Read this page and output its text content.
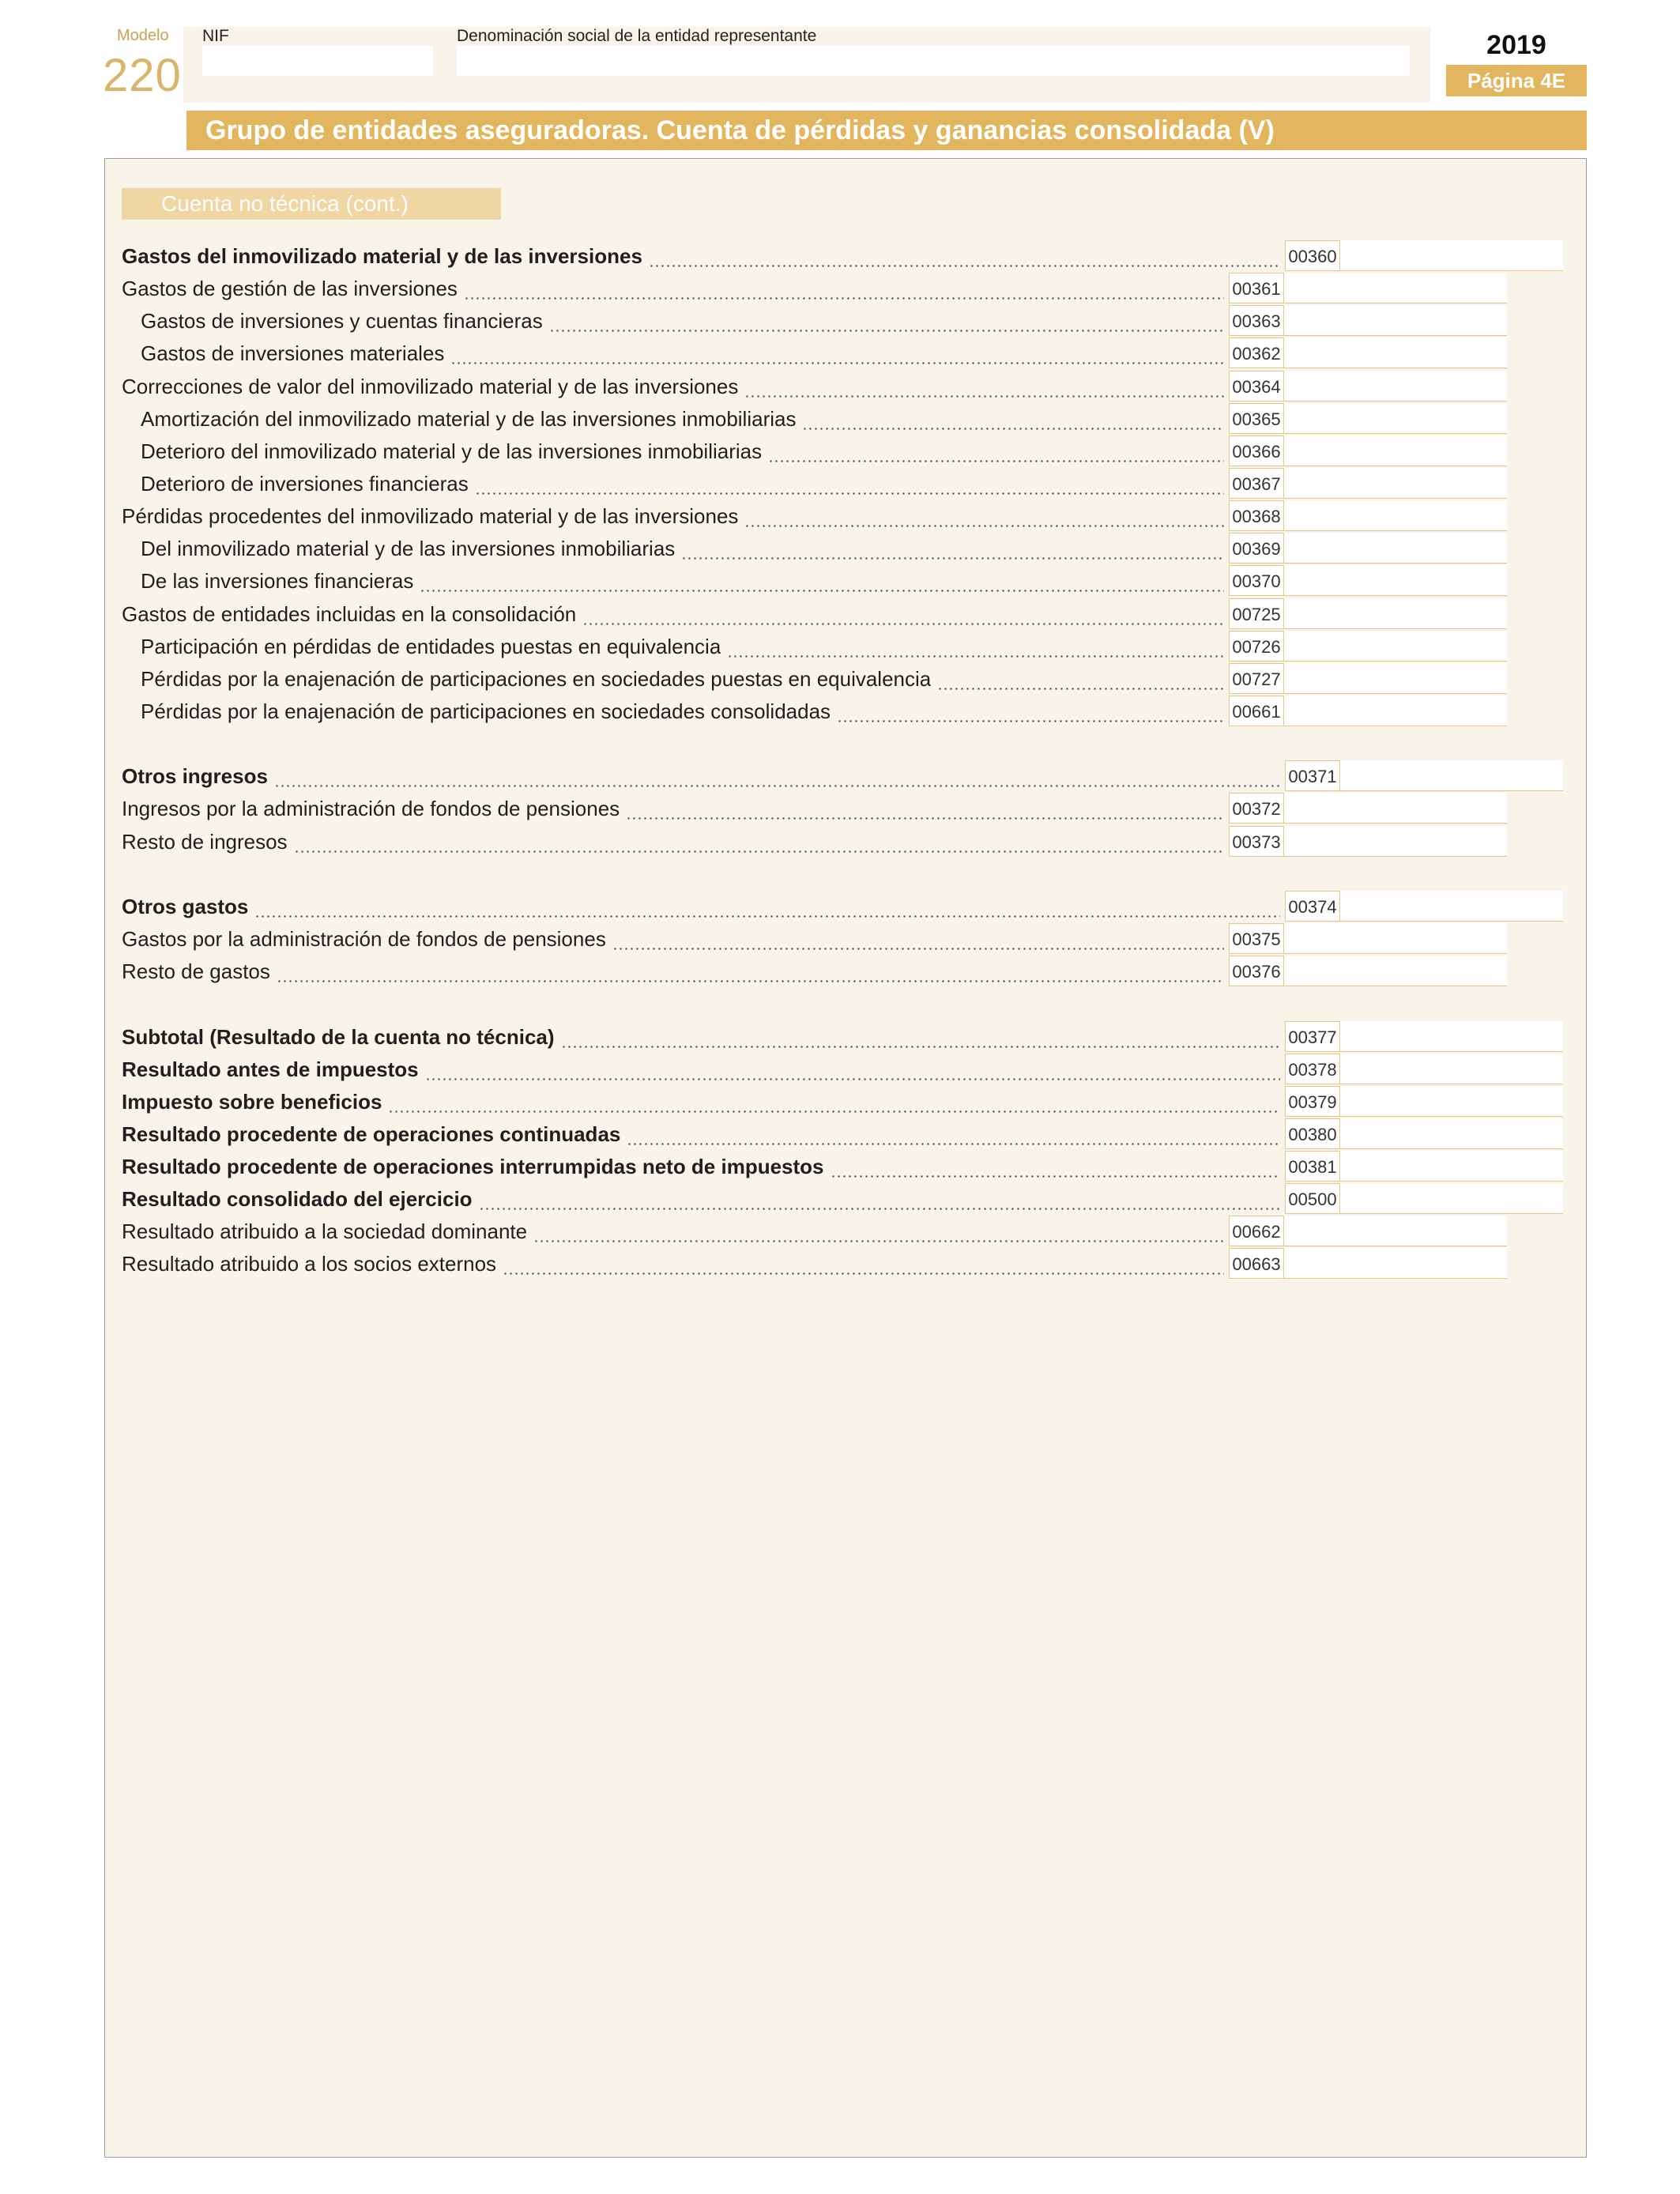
Modelo
220
NIF	Denominación social de la entidad representante	2019
Página 4E
Grupo de entidades aseguradoras. Cuenta de pérdidas y ganancias consolidada (V)
Cuenta no técnica (cont.)
Gastos del inmovilizado material y de las inversiones	00360
Gastos de gestión de las inversiones	00361
Gastos de inversiones y cuentas financieras	00363
Gastos de inversiones materiales	00362
Correcciones de valor del inmovilizado material y de las inversiones	00364
Amortización del inmovilizado material y de las inversiones inmobiliarias	00365
Deterioro del inmovilizado material y de las inversiones inmobiliarias	00366
Deterioro de inversiones financieras	00367
Pérdidas procedentes del inmovilizado material y de las inversiones	00368
Del inmovilizado material y de las inversiones inmobiliarias	00369
De las inversiones financieras	00370
Gastos de entidades incluidas en la consolidación	00725
Participación en pérdidas de entidades puestas en equivalencia	00726
Pérdidas por la enajenación de participaciones en sociedades puestas en equivalencia	00727
Pérdidas por la enajenación de participaciones en sociedades consolidadas	00661
Otros ingresos	00371
Ingresos por la administración de fondos de pensiones	00372
Resto de ingresos	00373
Otros gastos	00374
Gastos por la administración de fondos de pensiones	00375
Resto de gastos	00376
Subtotal (Resultado de la cuenta no técnica)	00377
Resultado antes de impuestos	00378
Impuesto sobre beneficios	00379
Resultado procedente de operaciones continuadas	00380
Resultado procedente de operaciones interrumpidas neto de impuestos	00381
Resultado consolidado del ejercicio	00500
Resultado atribuido a la sociedad dominante	00662
Resultado atribuido a los socios externos	00663
